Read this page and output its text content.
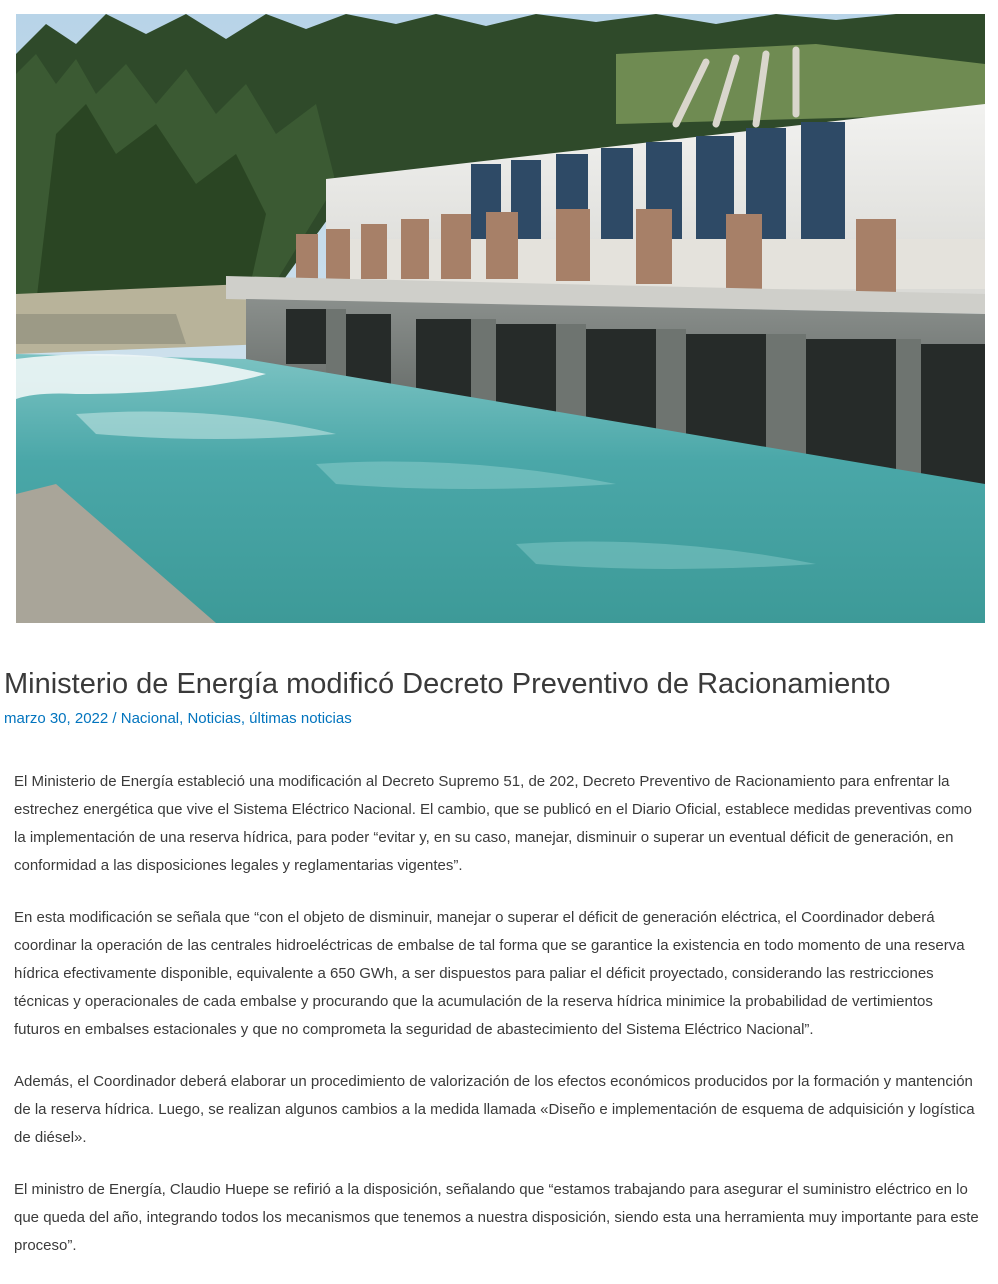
Ministerio de Energía modificó Decreto Preventivo de Racionamiento
marzo 30, 2022 / Nacional, Noticias, últimas noticias

El Ministerio de Energía estableció una modificación al Decreto Supremo 51, de 202, Decreto Preventivo de Racionamiento para enfrentar la estrechez energética que vive el Sistema Eléctrico Nacional. El cambio, que se publicó en el Diario Oficial, establece medidas preventivas como la implementación de una reserva hídrica, para poder “evitar y, en su caso, manejar, disminuir o superar un eventual déficit de generación, en conformidad a las disposiciones legales y reglamentarias vigentes”.

En esta modificación se señala que “con el objeto de disminuir, manejar o superar el déficit de generación eléctrica, el Coordinador deberá coordinar la operación de las centrales hidroeléctricas de embalse de tal forma que se garantice la existencia en todo momento de una reserva hídrica efectivamente disponible, equivalente a 650 GWh, a ser dispuestos para paliar el déficit proyectado, considerando las restricciones técnicas y operacionales de cada embalse y procurando que la acumulación de la reserva hídrica minimice la probabilidad de vertimientos futuros en embalses estacionales y que no comprometa la seguridad de abastecimiento del Sistema Eléctrico Nacional”.

Además, el Coordinador deberá elaborar un procedimiento de valorización de los efectos económicos producidos por la formación y mantención de la reserva hídrica. Luego, se realizan algunos cambios a la medida llamada «Diseño e implementación de esquema de adquisición y logística de diésel».

El ministro de Energía, Claudio Huepe se refirió a la disposición, señalando que “estamos trabajando para asegurar el suministro eléctrico en lo que queda del año, integrando todos los mecanismos que tenemos a nuestra disposición, siendo esta una herramienta muy importante para este proceso”.
